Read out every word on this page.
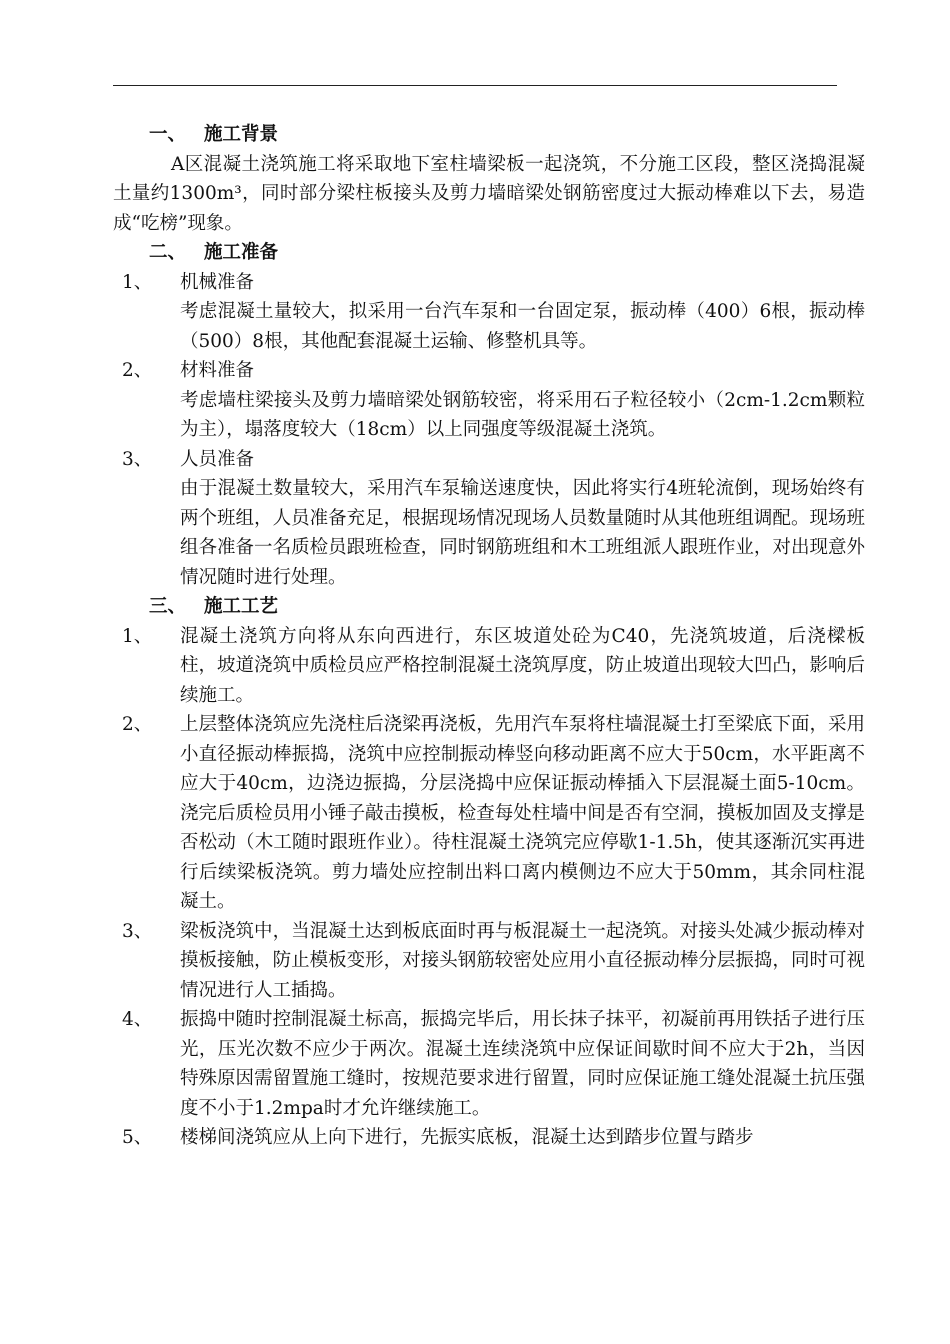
一、 施工背景
A区混凝土浇筑施工将采取地下室柱墙梁板一起浇筑，不分施工区段，整区浇捣混凝土量约1300m³，同时部分梁柱板接头及剪力墙暗梁处钢筋密度过大振动棒难以下去，易造成“吃榜”现象。
二、 施工准备
1、 机械准备
考虑混凝土量较大，拟采用一台汽车泵和一台固定泵，振动棒（400）6根，振动棒（500）8根，其他配套混凝土运输、修整机具等。
2、 材料准备
考虑墙柱梁接头及剪力墙暗梁处钢筋较密，将采用石子粒径较小（2cm-1.2cm颗粒为主），塌落度较大（18cm）以上同强度等级混凝土浇筑。
3、 人员准备
由于混凝土数量较大，采用汽车泵输送速度快，因此将实行4班轮流倒，现场始终有两个班组，人员准备充足，根据现场情况现场人员数量随时从其他班组调配。现场班组各准备一名质检员跟班检查，同时钢筋班组和木工班组派人跟班作业，对出现意外情况随时进行处理。
三、 施工工艺
1、 混凝土浇筑方向将从东向西进行，东区坡道处砼为C40，先浇筑坡道，后浇樑板柱，坡道浇筑中质检员应严格控制混凝土浇筑厚度，防止坡道出现较大凹凸，影响后续施工。
2、 上层整体浇筑应先浇柱后浇梁再浇板，先用汽车泵将柱墙混凝土打至梁底下面，采用小直径振动棒振捣，浇筑中应控制振动棒竖向移动距离不应大于50cm，水平距离不应大于40cm，边浇边振捣，分层浇捣中应保证振动棒插入下层混凝土面5-10cm。浇完后质检员用小锤子敲击摸板，检查每处柱墙中间是否有空洞，摸板加固及支撑是否松动（木工随时跟班作业）。待柱混凝土浇筑完应停歇1-1.5h，使其逐渐沉实再进行后续梁板浇筑。剪力墙处应控制出料口离内模侧边不应大于50mm，其余同柱混凝土。
3、 梁板浇筑中，当混凝土达到板底面时再与板混凝土一起浇筑。对接头处减少振动棒对摸板接触，防止模板变形，对接头钢筋较密处应用小直径振动棒分层振捣，同时可视情况进行人工插捣。
4、 振捣中随时控制混凝土标高，振捣完毕后，用长抹子抹平，初凝前再用铁括子进行压光，压光次数不应少于两次。混凝土连续浇筑中应保证间歇时间不应大于2h，当因特殊原因需留置施工缝时，按规范要求进行留置，同时应保证施工缝处混凝土抗压强度不小于1.2mpa时才允许继续施工。
5、 楼梯间浇筑应从上向下进行，先振实底板，混凝土达到踏步位置与踏步
